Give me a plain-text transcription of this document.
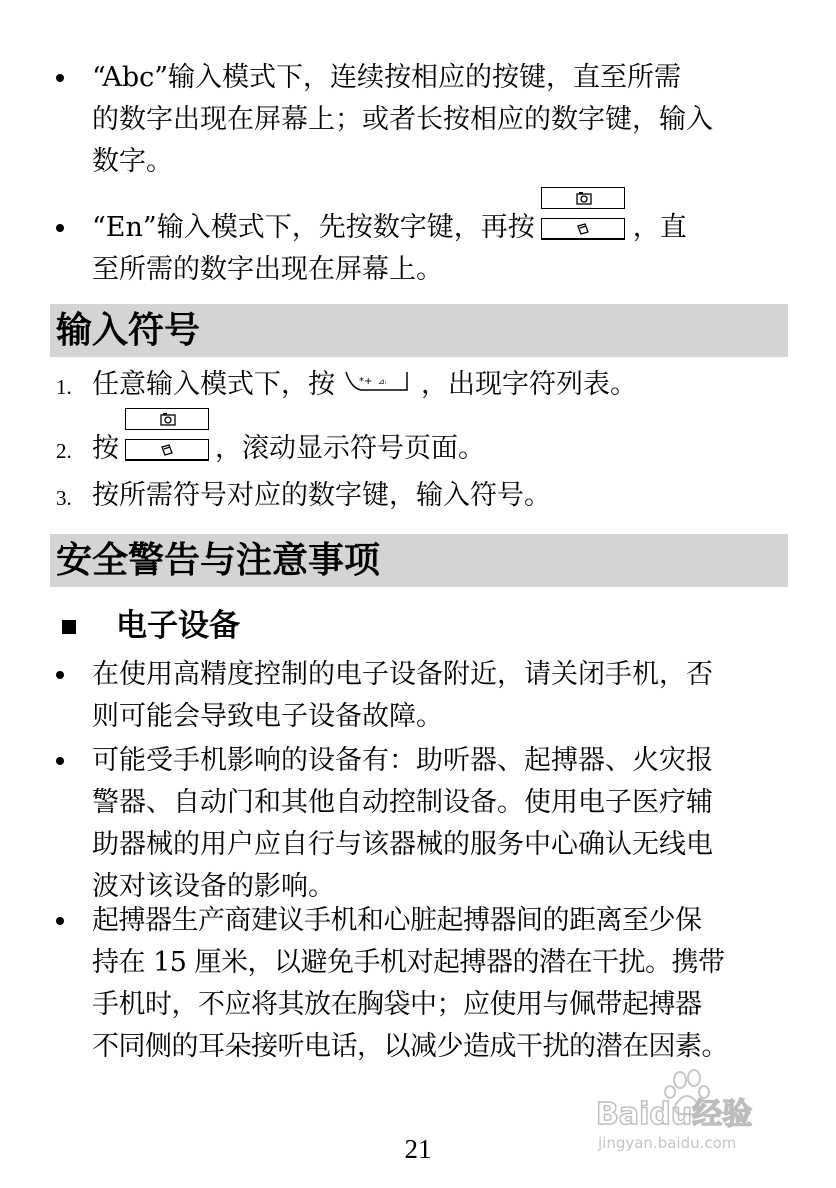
“Abc”输入模式下，连续按相应的按键，直至所需
的数字出现在屏幕上；或者长按相应的数字键，输入
数字。
“En”输入模式下，先按数字键，再按	，直
至所需的数字出现在屏幕上。
输入符号
1. 任意输入模式下，按 *+ ⊿ᵢ ，出现字符列表。
2. 按	，滚动显示符号页面。
3. 按所需符号对应的数字键，输入符号。
安全警告与注意事项
电子设备
在使用高精度控制的电子设备附近，请关闭手机，否
则可能会导致电子设备故障。
可能受手机影响的设备有：助听器、起搏器、火灾报
警器、自动门和其他自动控制设备。使用电子医疗辅
助器械的用户应自行与该器械的服务中心确认无线电
波对该设备的影响。
起搏器生产商建议手机和心脏起搏器间的距离至少保
持在 15 厘米，以避免手机对起搏器的潜在干扰。携带
手机时，不应将其放在胸袋中；应使用与佩带起搏器
不同侧的耳朵接听电话，以减少造成干扰的潜在因素。
Baidu经验
jingyan.baidu.com
21
